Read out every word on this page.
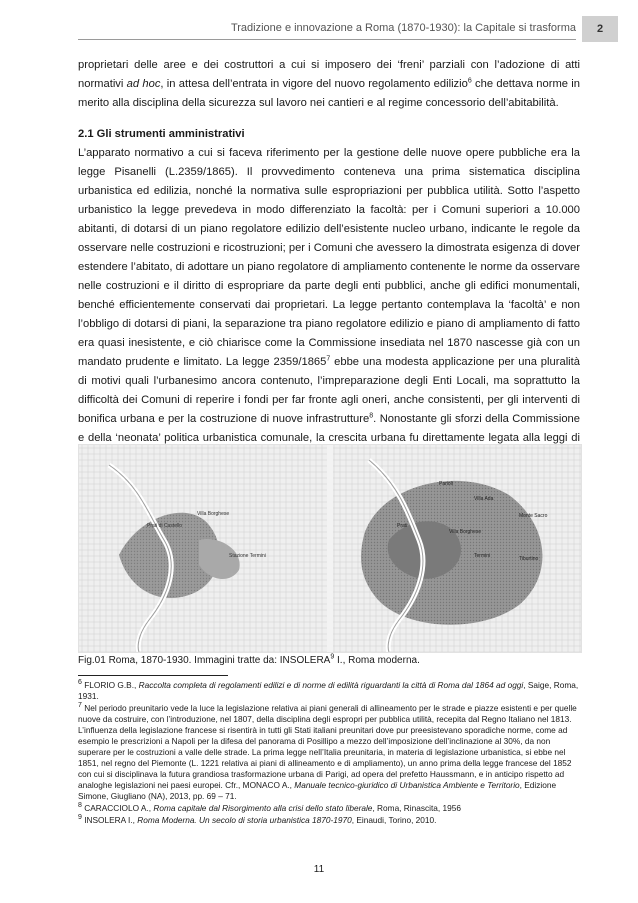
Tradizione e innovazione a Roma (1870-1930): la Capitale si trasforma	2

proprietari delle aree e dei costruttori a cui si imposero dei ‘freni’ parziali con l’adozione di atti normativi ad hoc, in attesa dell’entrata in vigore del nuovo regolamento edilizio$^6$ che dettava norme in merito alla disciplina della sicurezza sul lavoro nei cantieri e al regime concessorio dell’abitabilità.

2.1 Gli strumenti amministrativi

L’apparato normativo a cui si faceva riferimento per la gestione delle nuove opere pubbliche era la legge Pisanelli (L.2359/1865). Il provvedimento conteneva una prima sistematica disciplina urbanistica ed edilizia, nonché la normativa sulle espropriazioni per pubblica utilità. Sotto l’aspetto urbanistico la legge prevedeva in modo differenziato la facoltà: per i Comuni superiori a 10.000 abitanti, di dotarsi di un piano regolatore edilizio dell’esistente nucleo urbano, indicante le regole da osservare nelle costruzioni e ricostruzioni; per i Comuni che avessero la dimostrata esigenza di dover estendere l’abitato, di adottare un piano regolatore di ampliamento contenente le norme da osservare nelle costruzioni e il diritto di espropriare da parte degli enti pubblici, anche gli edifici monumentali, benché efficientemente conservati dai proprietari. La legge pertanto contemplava la ‘facoltà’ e non l’obbligo di dotarsi di piani, la separazione tra piano regolatore edilizio e piano di ampliamento di fatto era quasi inesistente, e ciò chiarisce come la Commissione insediata nel 1870 nascesse già con un mandato prudente e limitato. La legge 2359/1865$^7$ ebbe una modesta applicazione per una pluralità di motivi quali l’urbanesimo ancora contenuto, l’impreparazione degli Enti Locali, ma soprattutto la difficoltà dei Comuni di reperire i fondi per far fronte agli oneri, anche consistenti, per gli interventi di bonifica urbana e per la costruzione di nuove infrastrutture$^8$. Nonostante gli sforzi della Commissione e della ‘neonata’ politica urbanistica comunale, la crescita urbana fu direttamente legata alla leggi di

Prati di Castello
Villa Borghese
Stazione Termini
Parioli
Villa Ada
Monte Sacro
Tiburtino
Prati
Villa Borghese
Termini
Fig.01 Roma, 1870-1930. Immagini tratte da: INSOLERA$^9$ I., Roma moderna.

$^6$ FLORIO G.B., Raccolta completa di regolamenti edilizi e di norme di edilità riguardanti la città di Roma dal 1864 ad oggi, Saige, Roma, 1931.

$^7$ Nel periodo preunitario vede la luce la legislazione relativa ai piani generali di allineamento per le strade e piazze esistenti e per quelle nuove da costruire, con l’introduzione, nel 1807, della disciplina degli espropri per pubblica utilità, recepita dal Regno Italiano nel 1813. L’influenza della legislazione francese si risentirà in tutti gli Stati italiani preunitari dove pur preesistevano sporadiche norme, come ad esempio le prescrizioni a Napoli per la difesa del panorama di Posillipo a mezzo dell’imposizione dell’inclinazione al 30%, da non superare per le costruzioni a valle delle strade. La prima legge nell’Italia preunitaria, in materia di legislazione urbanistica, si ebbe nel 1851, nel regno del Piemonte (L. 1221 relativa ai piani di allineamento e di ampliamento), un anno prima della legge francese del 1852 con cui si disciplinava la futura grandiosa trasformazione urbana di Parigi, ad opera del prefetto Haussmann, e in anticipo rispetto ad analoghe legislazioni nei paesi europei. Cfr., MONACO A., Manuale tecnico-giuridico di Urbanistica Ambiente e Territorio, Edizione Simone, Giugliano (NA), 2013, pp. 69 – 71.

$^8$ CARACCIOLO A., Roma capitale dal Risorgimento alla crisi dello stato liberale, Roma, Rinascita, 1956

$^9$ INSOLERA I., Roma Moderna. Un secolo di storia urbanistica 1870-1970, Einaudi, Torino, 2010.

11
